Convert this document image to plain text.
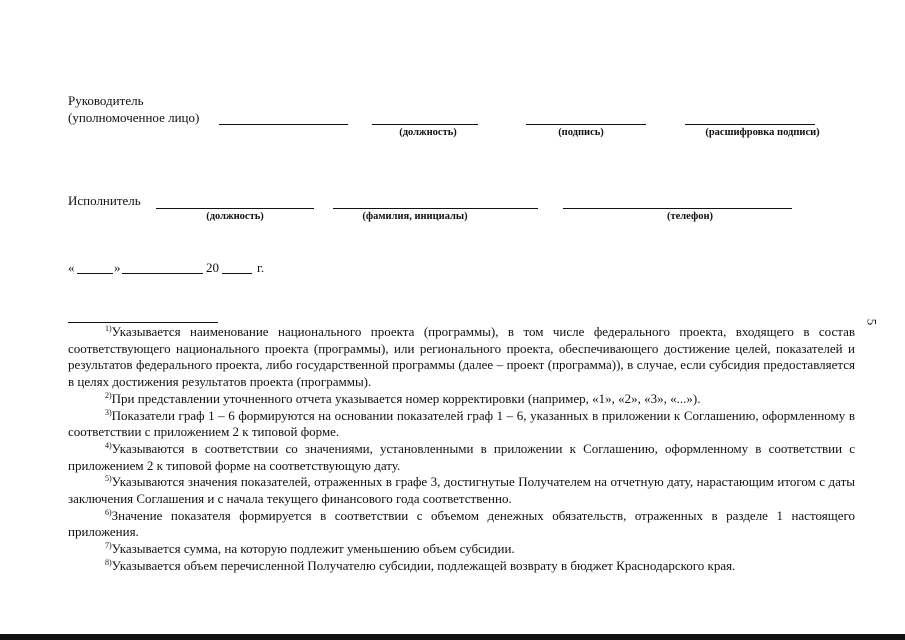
Руководитель
(уполномоченное лицо)
(должность)	(подпись)	(расшифровка подписи)
Исполнитель
(должность)	(фамилия, инициалы)	(телефон)
«	»	20	г.
5

$^{1)}$Указывается наименование национального проекта (программы), в том числе федерального проекта, входящего в состав соответствующего национального проекта (программы), или регионального проекта, обеспечивающего достижение целей, показателей и результатов федерального проекта, либо государственной программы (далее – проект (программа)), в случае, если субсидия предоставляется в целях достижения результатов проекта (программы).

$^{2)}$При представлении уточненного отчета указывается номер корректировки (например, «1», «2», «3», «...»).

$^{3)}$Показатели граф 1 – 6 формируются на основании показателей граф 1 – 6, указанных в приложении к Соглашению, оформленному в соответствии с приложением 2 к типовой форме.

$^{4)}$Указываются в соответствии со значениями, установленными в приложении к Соглашению, оформленному в соответствии с приложением 2 к типовой форме на соответствующую дату.

$^{5)}$Указываются значения показателей, отраженных в графе 3, достигнутые Получателем на отчетную дату, нарастающим итогом с даты заключения Соглашения и с начала текущего финансового года соответственно.

$^{6)}$Значение показателя формируется в соответствии с объемом денежных обязательств, отраженных в разделе 1 настоящего приложения.

$^{7)}$Указывается сумма, на которую подлежит уменьшению объем субсидии.

$^{8)}$Указывается объем перечисленной Получателю субсидии, подлежащей возврату в бюджет Краснодарского края.
